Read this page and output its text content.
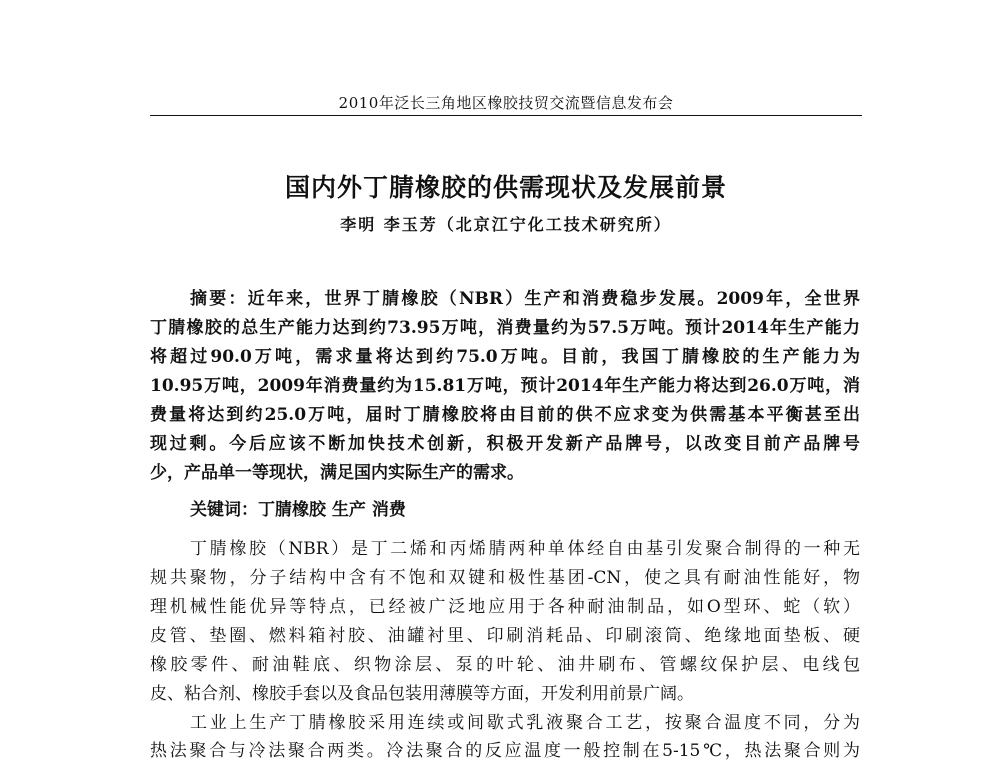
2010年泛长三角地区橡胶技贸交流暨信息发布会
国内外丁腈橡胶的供需现状及发展前景
李明 李玉芳（北京江宁化工技术研究所）
摘要：近年来，世界丁腈橡胶（NBR）生产和消费稳步发展。2009年，全世界
丁腈橡胶的总生产能力达到约73.95万吨，消费量约为57.5万吨。预计2014年生产能力
将超过90.0万吨，需求量将达到约75.0万吨。目前，我国丁腈橡胶的生产能力为
10.95万吨，2009年消费量约为15.81万吨，预计2014年生产能力将达到26.0万吨，消
费量将达到约25.0万吨，届时丁腈橡胶将由目前的供不应求变为供需基本平衡甚至出
现过剩。今后应该不断加快技术创新，积极开发新产品牌号，以改变目前产品牌号
少，产品单一等现状，满足国内实际生产的需求。
关键词：丁腈橡胶 生产 消费
丁腈橡胶（NBR）是丁二烯和丙烯腈两种单体经自由基引发聚合制得的一种无
规共聚物，分子结构中含有不饱和双键和极性基团-CN，使之具有耐油性能好，物
理机械性能优异等特点，已经被广泛地应用于各种耐油制品，如O型环、蛇（软）
皮管、垫圈、燃料箱衬胶、油罐衬里、印刷消耗品、印刷滚筒、绝缘地面垫板、硬
橡胶零件、耐油鞋底、织物涂层、泵的叶轮、油井刷布、管螺纹保护层、电线包
皮、粘合剂、橡胶手套以及食品包装用薄膜等方面，开发利用前景广阔。
工业上生产丁腈橡胶采用连续或间歇式乳液聚合工艺，按聚合温度不同，分为
热法聚合与冷法聚合两类。冷法聚合的反应温度一般控制在5-15℃，热法聚合则为
